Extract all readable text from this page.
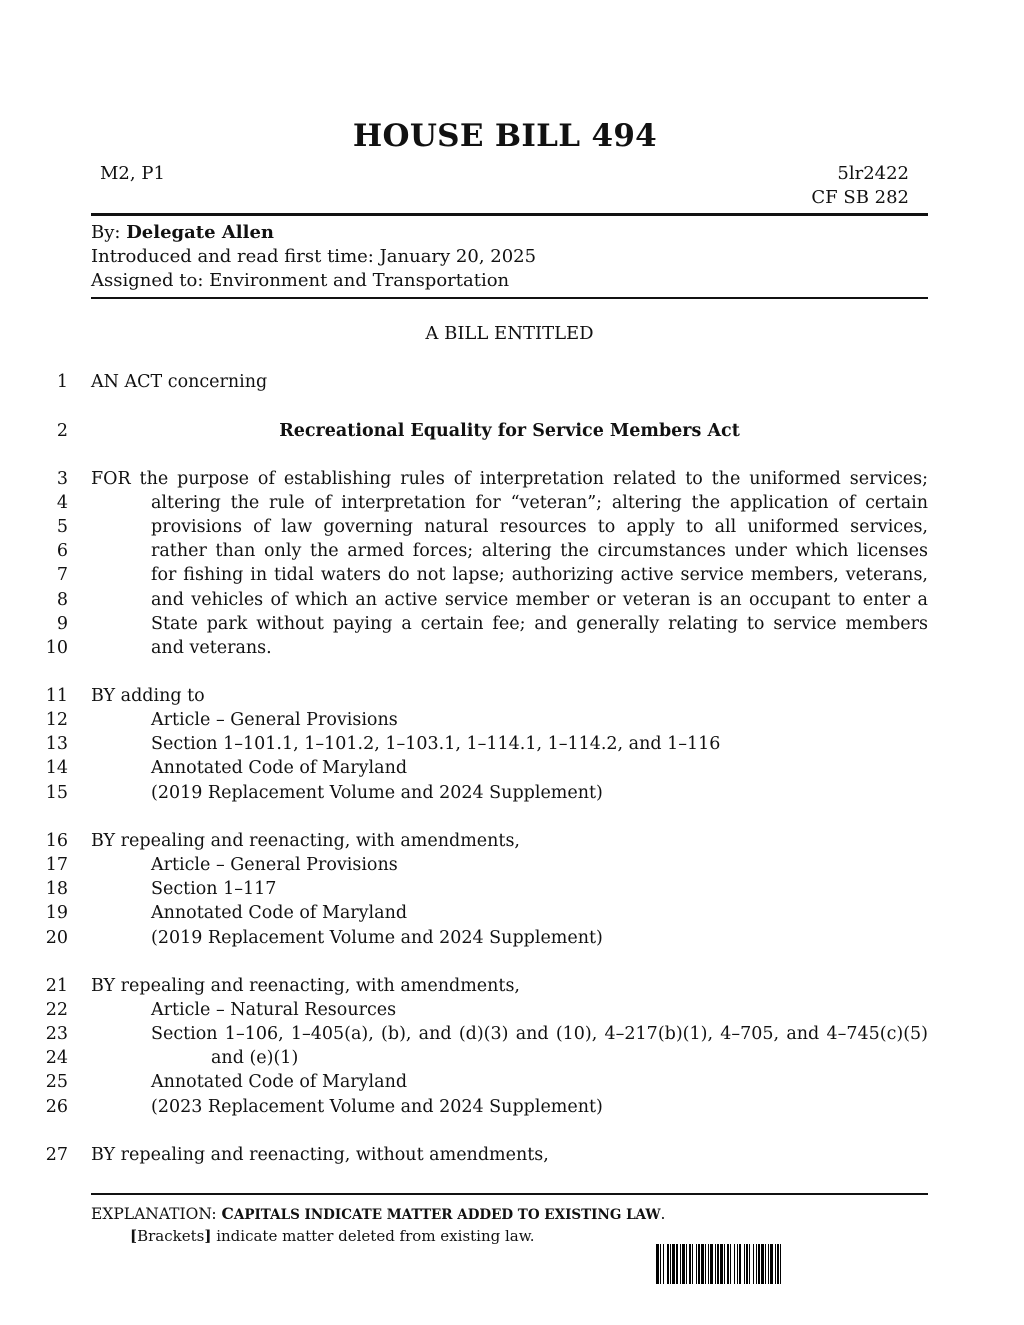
HOUSE BILL 494
M2, P1	5lr2422
CF SB 282
By: Delegate Allen
Introduced and read first time: January 20, 2025
Assigned to: Environment and Transportation
A BILL ENTITLED
1 AN ACT concerning
2	Recreational Equality for Service Members Act
3 FOR the purpose of establishing rules of interpretation related to the uniformed services;
4	altering the rule of interpretation for “veteran”; altering the application of certain
5	provisions of law governing natural resources to apply to all uniformed services,
6	rather than only the armed forces; altering the circumstances under which licenses
7	for fishing in tidal waters do not lapse; authorizing active service members, veterans,
8	and vehicles of which an active service member or veteran is an occupant to enter a
9	State park without paying a certain fee; and generally relating to service members
10	and veterans.
11 BY adding to
12	Article – General Provisions
13	Section 1–101.1, 1–101.2, 1–103.1, 1–114.1, 1–114.2, and 1–116
14	Annotated Code of Maryland
15	(2019 Replacement Volume and 2024 Supplement)
16 BY repealing and reenacting, with amendments,
17	Article – General Provisions
18	Section 1–117
19	Annotated Code of Maryland
20	(2019 Replacement Volume and 2024 Supplement)
21 BY repealing and reenacting, with amendments,
22	Article – Natural Resources
23	Section 1–106, 1–405(a), (b), and (d)(3) and (10), 4–217(b)(1), 4–705, and 4–745(c)(5)
24	and (e)(1)
25	Annotated Code of Maryland
26	(2023 Replacement Volume and 2024 Supplement)
27 BY repealing and reenacting, without amendments,
EXPLANATION: CAPITALS INDICATE MATTER ADDED TO EXISTING LAW.
[Brackets] indicate matter deleted from existing law.
